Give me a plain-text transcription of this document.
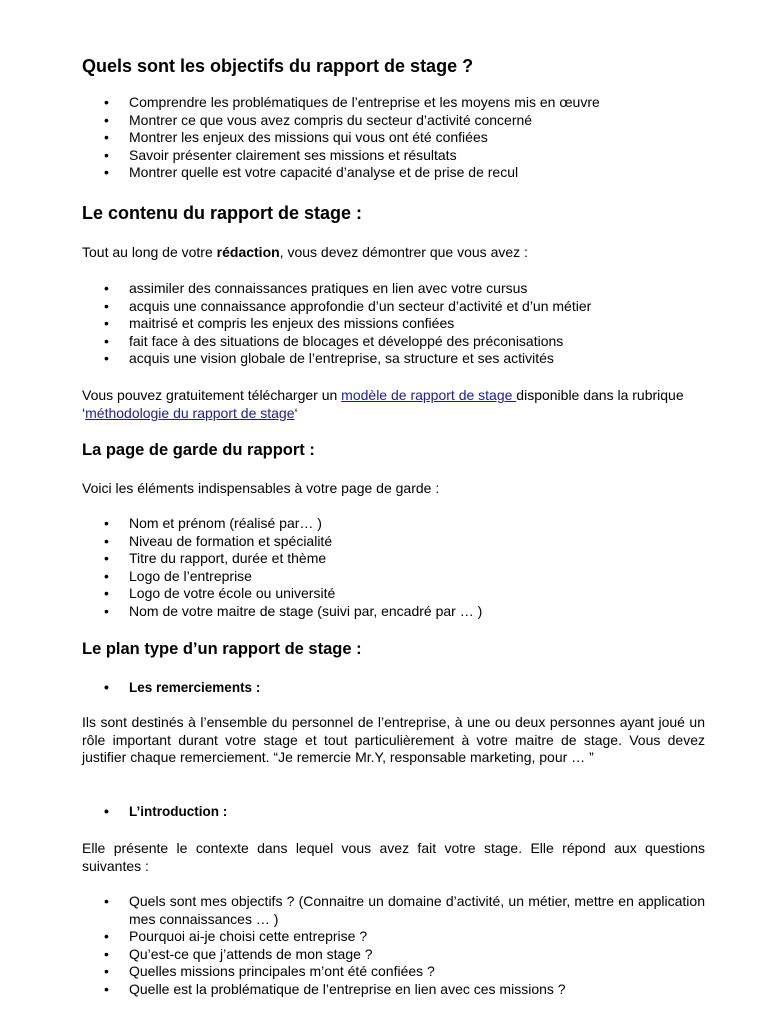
Quels sont les objectifs du rapport de stage ?
• Comprendre les problématiques de l’entreprise et les moyens mis en œuvre
• Montrer ce que vous avez compris du secteur d’activité concerné
• Montrer les enjeux des missions qui vous ont été confiées
• Savoir présenter clairement ses missions et résultats
• Montrer quelle est votre capacité d’analyse et de prise de recul
Le contenu du rapport de stage :
Tout au long de votre rédaction, vous devez démontrer que vous avez :
• assimiler des connaissances pratiques en lien avec votre cursus
• acquis une connaissance approfondie d’un secteur d’activité et d’un métier
• maitrisé et compris les enjeux des missions confiées
• fait face à des situations de blocages et développé des préconisations
• acquis une vision globale de l’entreprise, sa structure et ses activités
Vous pouvez gratuitement télécharger un modèle de rapport de stage disponible dans la rubrique ‘méthodologie du rapport de stage‘
La page de garde du rapport :
Voici les éléments indispensables à votre page de garde :
• Nom et prénom (réalisé par… )
• Niveau de formation et spécialité
• Titre du rapport, durée et thème
• Logo de l’entreprise
• Logo de votre école ou université
• Nom de votre maitre de stage (suivi par, encadré par … )
Le plan type d’un rapport de stage :
• Les remerciements :
Ils sont destinés à l’ensemble du personnel de l’entreprise, à une ou deux personnes ayant joué un rôle important durant votre stage et tout particulièrement à votre maitre de stage. Vous devez justifier chaque remerciement. “Je remercie Mr.Y, responsable marketing, pour … ”
• L’introduction :
Elle présente le contexte dans lequel vous avez fait votre stage. Elle répond aux questions suivantes :
• Quels sont mes objectifs ? (Connaitre un domaine d’activité, un métier, mettre en application mes connaissances … )
• Pourquoi ai-je choisi cette entreprise ?
• Qu’est-ce que j’attends de mon stage ?
• Quelles missions principales m’ont été confiées ?
• Quelle est la problématique de l’entreprise en lien avec ces missions ?
